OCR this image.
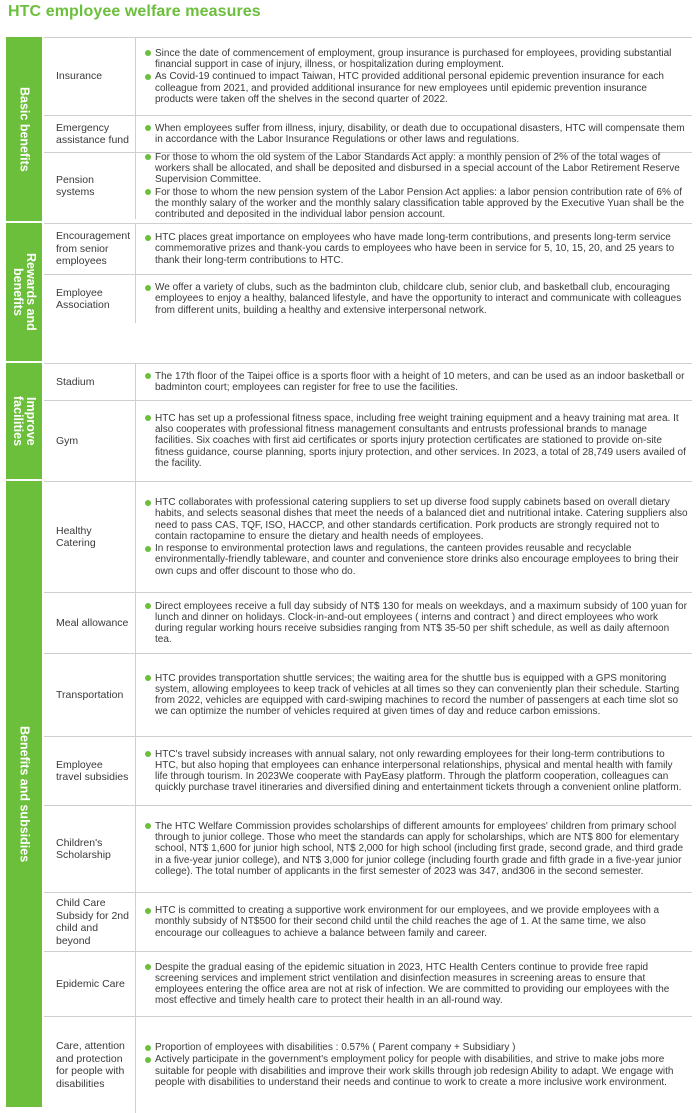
HTC employee welfare measures
Basic benefits
Insurance
Since the date of commencement of employment, group insurance is purchased for employees, providing substantial financial support in case of injury, illness, or hospitalization during employment.
As Covid-19 continued to impact Taiwan, HTC provided additional personal epidemic prevention insurance for each colleague from 2021, and provided additional insurance for new employees until epidemic prevention insurance products were taken off the shelves in the second quarter of 2022.
Emergency assistance fund
When employees suffer from illness, injury, disability, or death due to occupational disasters, HTC will compensate them in accordance with the Labor Insurance Regulations or other laws and regulations.
Pension systems
For those to whom the old system of the Labor Standards Act apply: a monthly pension of 2% of the total wages of workers shall be allocated, and shall be deposited and disbursed in a special account of the Labor Retirement Reserve Supervision Committee.
For those to whom the new pension system of the Labor Pension Act applies: a labor pension contribution rate of 6% of the monthly salary of the worker and the monthly salary classification table approved by the Executive Yuan shall be the contributed and deposited in the individual labor pension account.
Rewards and
benefits
Encouragement from senior employees
HTC places great importance on employees who have made long-term contributions, and presents long-term service commemorative prizes and thank-you cards to employees who have been in service for 5, 10, 15, 20, and 25 years to thank their long-term contributions to HTC.
Employee Association
We offer a variety of clubs, such as the badminton club, childcare club, senior club, and basketball club, encouraging employees to enjoy a healthy, balanced lifestyle, and have the opportunity to interact and communicate with colleagues from different units, building a healthy and extensive interpersonal network.
Improve
facilities
Stadium	The 17th floor of the Taipei office is a sports floor with a height of 10 meters, and can be used as an indoor basketball or badminton court; employees can register for free to use the facilities.
Gym
HTC has set up a professional fitness space, including free weight training equipment and a heavy training mat area. It also cooperates with professional fitness management consultants and entrusts professional brands to manage facilities. Six coaches with first aid certificates or sports injury protection certificates are stationed to provide on-site fitness guidance, course planning, sports injury protection, and other services. In 2023, a total of 28,749 users availed of the facility.
Benefits and subsidies
Healthy Catering
HTC collaborates with professional catering suppliers to set up diverse food supply cabinets based on overall dietary habits, and selects seasonal dishes that meet the needs of a balanced diet and nutritional intake. Catering suppliers also need to pass CAS, TQF, ISO, HACCP, and other standards certification. Pork products are strongly required not to contain ractopamine to ensure the dietary and health needs of employees.
In response to environmental protection laws and regulations, the canteen provides reusable and recyclable environmentally-friendly tableware, and counter and convenience store drinks also encourage employees to bring their own cups and offer discount to those who do.
Meal allowance
Direct employees receive a full day subsidy of NT$ 130 for meals on weekdays, and a maximum subsidy of 100 yuan for lunch and dinner on holidays. Clock-in-and-out employees ( interns and contract ) and direct employees who work during regular working hours receive subsidies ranging from NT$ 35-50 per shift schedule, as well as daily afternoon tea.
Transportation
HTC provides transportation shuttle services; the waiting area for the shuttle bus is equipped with a GPS monitoring system, allowing employees to keep track of vehicles at all times so they can conveniently plan their schedule. Starting from 2022, vehicles are equipped with card-swiping machines to record the number of passengers at each time slot so we can optimize the number of vehicles required at given times of day and reduce carbon emissions.
Employee travel subsidies
HTC's travel subsidy increases with annual salary, not only rewarding employees for their long-term contributions to HTC, but also hoping that employees can enhance interpersonal relationships, physical and mental health with family life through tourism. In 2023We cooperate with PayEasy platform. Through the platform cooperation, colleagues can quickly purchase travel itineraries and diversified dining and entertainment tickets through a convenient online platform.
Children's Scholarship
The HTC Welfare Commission provides scholarships of different amounts for employees' children from primary school through to junior college. Those who meet the standards can apply for scholarships, which are NT$ 800 for elementary school, NT$ 1,600 for junior high school, NT$ 2,000 for high school (including first grade, second grade, and third grade in a five-year junior college), and NT$ 3,000 for junior college (including fourth grade and fifth grade in a five-year junior college). The total number of applicants in the first semester of 2023 was 347, and306 in the second semester.
Child Care Subsidy for 2nd child and beyond
HTC is committed to creating a supportive work environment for our employees, and we provide employees with a monthly subsidy of NT$500 for their second child until the child reaches the age of 1. At the same time, we also encourage our colleagues to achieve a balance between family and career.
Epidemic Care
Despite the gradual easing of the epidemic situation in 2023, HTC Health Centers continue to provide free rapid screening services and implement strict ventilation and disinfection measures in screening areas to ensure that employees entering the office area are not at risk of infection. We are committed to providing our employees with the most effective and timely health care to protect their health in an all-round way.
Care, attention and protection for people with disabilities
Proportion of employees with disabilities : 0.57% ( Parent company + Subsidiary )
Actively participate in the government's employment policy for people with disabilities, and strive to make jobs more suitable for people with disabilities and improve their work skills through job redesign Ability to adapt. We engage with people with disabilities to understand their needs and continue to work to create a more inclusive work environment.
